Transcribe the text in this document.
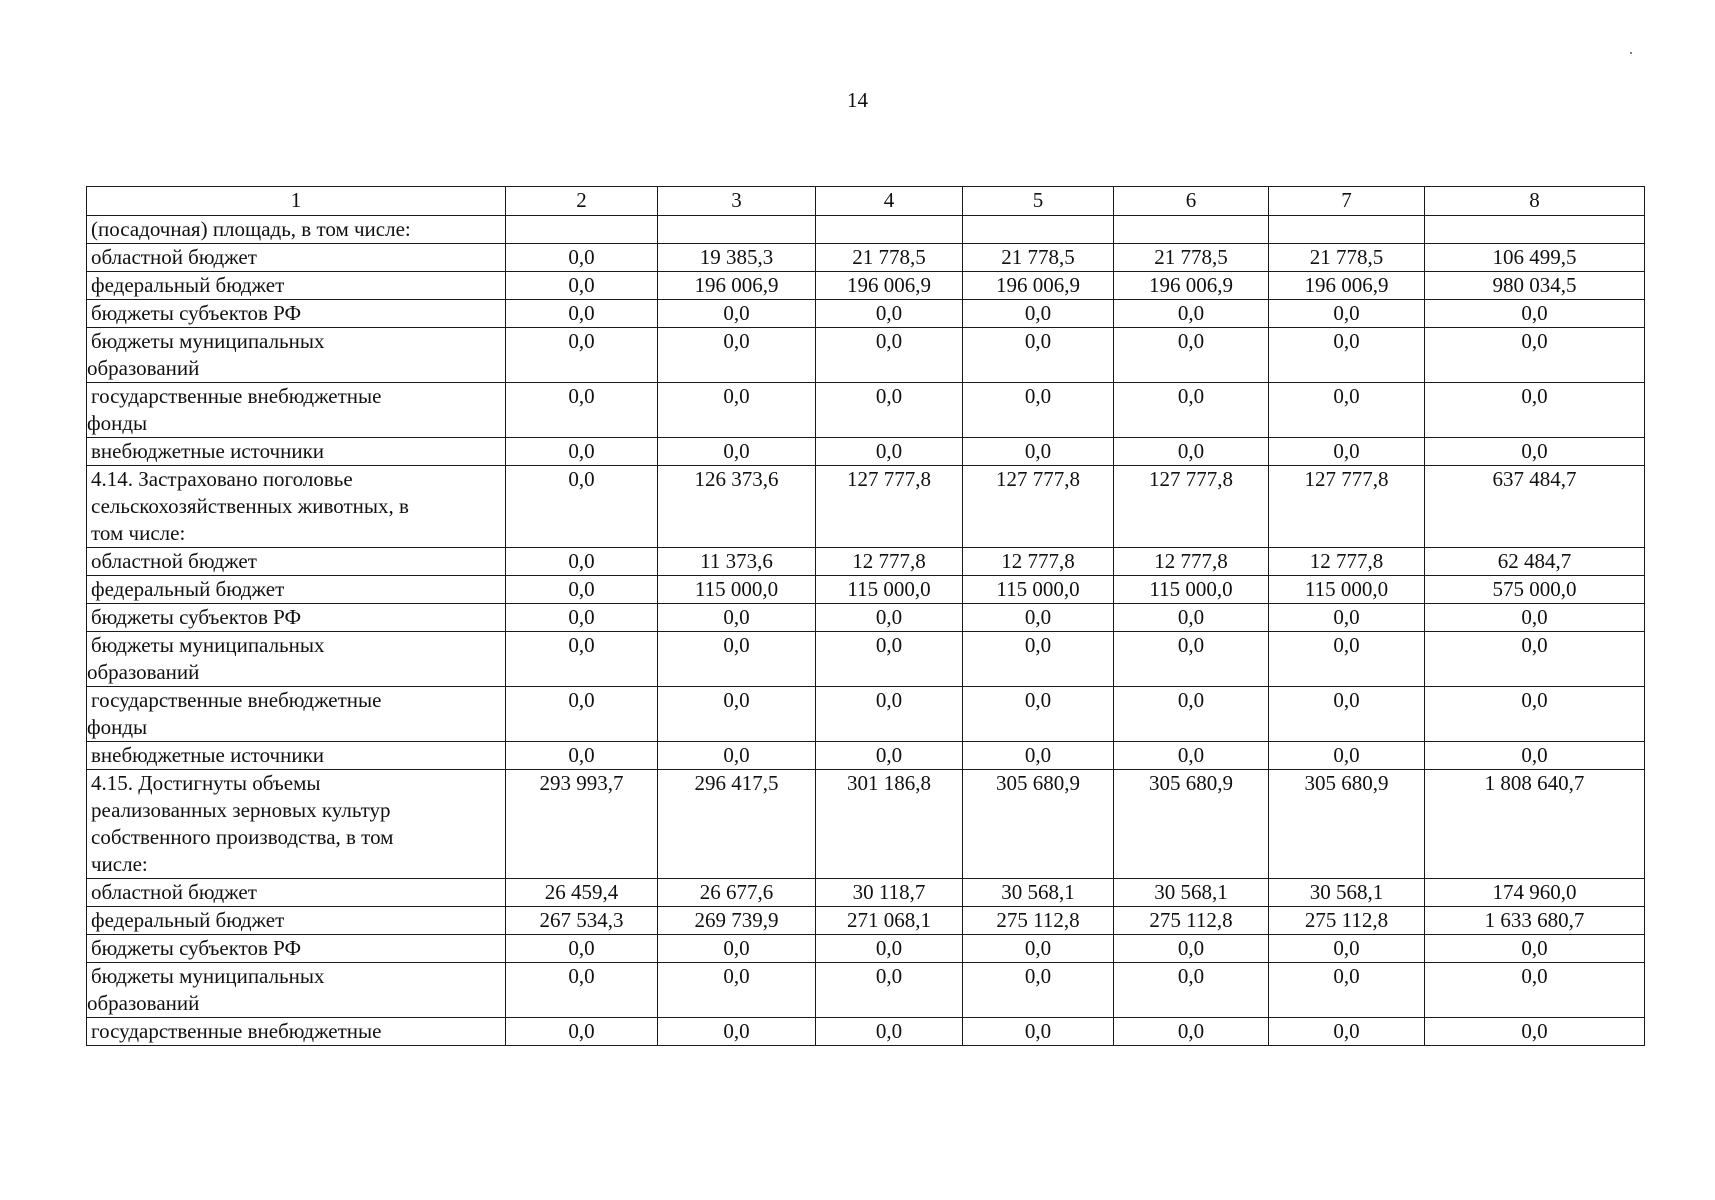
14
1	2	3	4	5	6	7	8

(посадочная) площадь, в том числе:							

областной бюджет	0,0	19 385,3	21 778,5	21 778,5	21 778,5	21 778,5	106 499,5

федеральный бюджет	0,0	196 006,9	196 006,9	196 006,9	196 006,9	196 006,9	980 034,5

бюджеты субъектов РФ	0,0	0,0	0,0	0,0	0,0	0,0	0,0

бюджеты муниципальных
образований	0,0	0,0	0,0	0,0	0,0	0,0	0,0

государственные внебюджетные
фонды	0,0	0,0	0,0	0,0	0,0	0,0	0,0

внебюджетные источники	0,0	0,0	0,0	0,0	0,0	0,0	0,0

4.14. Застраховано поголовье
сельскохозяйственных животных, в
том числе:	0,0	126 373,6	127 777,8	127 777,8	127 777,8	127 777,8	637 484,7

областной бюджет	0,0	11 373,6	12 777,8	12 777,8	12 777,8	12 777,8	62 484,7

федеральный бюджет	0,0	115 000,0	115 000,0	115 000,0	115 000,0	115 000,0	575 000,0

бюджеты субъектов РФ	0,0	0,0	0,0	0,0	0,0	0,0	0,0

бюджеты муниципальных
образований	0,0	0,0	0,0	0,0	0,0	0,0	0,0

государственные внебюджетные
фонды	0,0	0,0	0,0	0,0	0,0	0,0	0,0

внебюджетные источники	0,0	0,0	0,0	0,0	0,0	0,0	0,0

4.15. Достигнуты объемы
реализованных зерновых культур
собственного производства, в том
числе:	293 993,7	296 417,5	301 186,8	305 680,9	305 680,9	305 680,9	1 808 640,7

областной бюджет	26 459,4	26 677,6	30 118,7	30 568,1	30 568,1	30 568,1	174 960,0

федеральный бюджет	267 534,3	269 739,9	271 068,1	275 112,8	275 112,8	275 112,8	1 633 680,7

бюджеты субъектов РФ	0,0	0,0	0,0	0,0	0,0	0,0	0,0

бюджеты муниципальных
образований	0,0	0,0	0,0	0,0	0,0	0,0	0,0

государственные внебюджетные	0,0	0,0	0,0	0,0	0,0	0,0	0,0
